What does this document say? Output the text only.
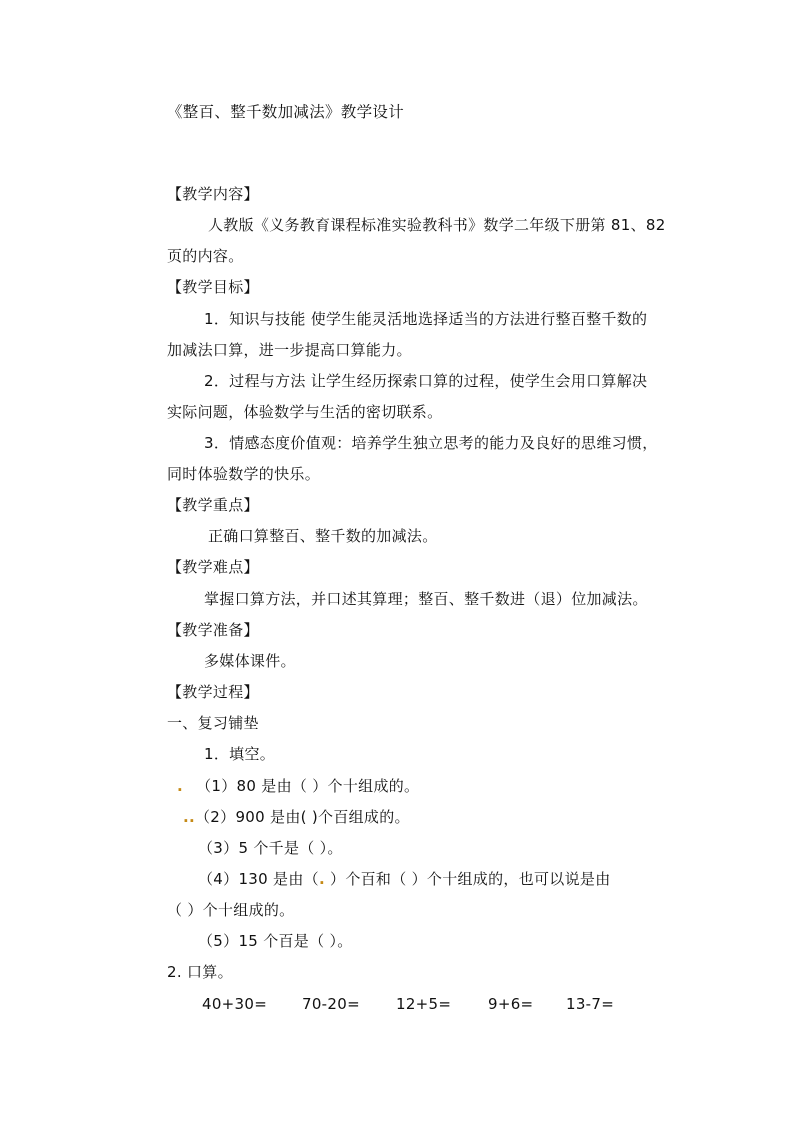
《整百、整千数加减法》教学设计
【教学内容】
人教版《义务教育课程标准实验教科书》数学二年级下册第 81、82
页的内容。
【教学目标】
1．知识与技能 使学生能灵活地选择适当的方法进行整百整千数的
加减法口算，进一步提高口算能力。
2．过程与方法 让学生经历探索口算的过程，使学生会用口算解决
实际问题，体验数学与生活的密切联系。
3．情感态度价值观：培养学生独立思考的能力及良好的思维习惯，
同时体验数学的快乐。
【教学重点】
正确口算整百、整千数的加减法。
【教学难点】
掌握口算方法，并口述其算理；整百、整千数进（退）位加减法。
【教学准备】
多媒体课件。
【教学过程】
一、复习铺垫
1．填空。
. （1）80 是由（ ）个十组成的。
..（2）900 是由( )个百组成的。
（3）5 个千是（ ）。
（4）130 是由（. ）个百和（ ）个十组成的，也可以说是由
（ ）个十组成的。
（5）15 个百是（ ）。
2. 口算。
40+30= 70-20= 12+5= 9+6= 13-7=
